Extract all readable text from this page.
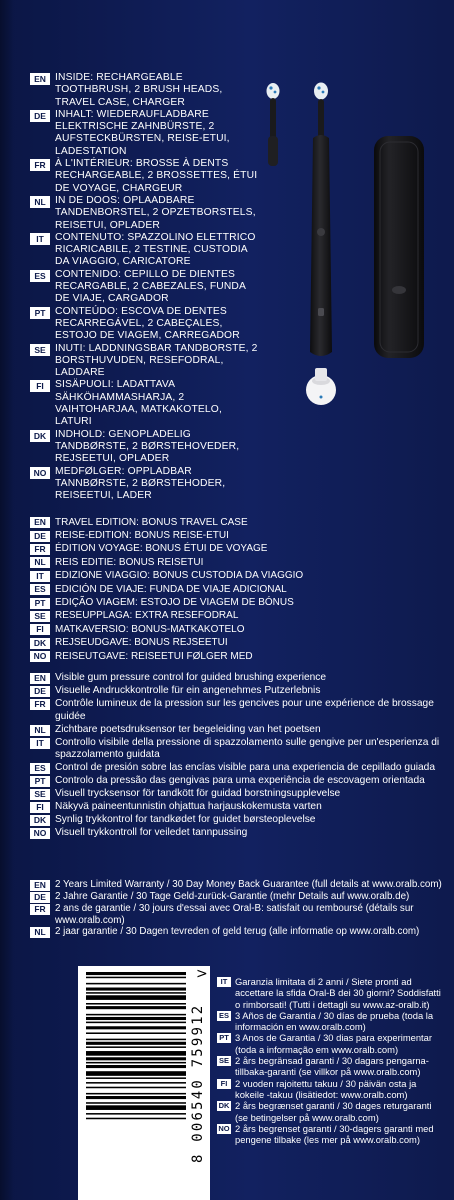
EN INSIDE: RECHARGEABLE TOOTHBRUSH, 2 BRUSH HEADS, TRAVEL CASE, CHARGER
DE INHALT: WIEDERAUFLADBARE ELEKTRISCHE ZAHNBÜRSTE, 2 AUFSTECKBÜRSTEN, REISE-ETUI, LADESTATION
FR À L'INTÉRIEUR: BROSSE À DENTS RECHARGEABLE, 2 BROSSETTES, ÉTUI DE VOYAGE, CHARGEUR
NL IN DE DOOS: OPLAADBARE TANDENBORSTEL, 2 OPZETBORSTELS, REISETUI, OPLADER
IT	CONTENUTO: SPAZZOLINO ELETTRICO RICARICABILE, 2 TESTINE, CUSTODIA DA VIAGGIO, CARICATORE
ES CONTENIDO: CEPILLO DE DIENTES RECARGABLE, 2 CABEZALES, FUNDA DE VIAJE, CARGADOR
PT CONTEÚDO: ESCOVA DE DENTES RECARREGÁVEL, 2 CABEÇALES, ESTOJO DE VIAGEM, CARREGADOR
SE INUTI: LADDNINGSBAR TANDBORSTE, 2 BORSTHUVUDEN, RESEFODRAL, LADDARE
FI	SISÄPUOLI: LADATTAVA SÄHKÖHAMMASHARJA, 2 VAIHTOHARJAA, MATKAKOTELO, LATURI
DK INDHOLD: GENOPLADELIG TANDBØRSTE, 2 BØRSTEHOVEDER, REJSEETUI, OPLADER
NO MEDFØLGER: OPPLADBAR TANNBØRSTE, 2 BØRSTEHODER, REISEETUI, LADER
EN TRAVEL EDITION: BONUS TRAVEL CASE
DE REISE-EDITION: BONUS REISE-ETUI
FR ÉDITION VOYAGE: BONUS ÉTUI DE VOYAGE
NL REIS EDITIE: BONUS REISETUI
IT	EDIZIONE VIAGGIO: BONUS CUSTODIA DA VIAGGIO
ES EDICIÓN DE VIAJE: FUNDA DE VIAJE ADICIONAL
PT EDIÇÃO VIAGEM: ESTOJO DE VIAGEM DE BÓNUS
SE RESEUPPLAGA: EXTRA RESEFODRAL
FI	MATKAVERSIO: BONUS-MATKAKOTELO
DK REJSEUDGAVE: BONUS REJSEETUI
NO REISEUTGAVE: REISEETUI FØLGER MED
EN Visible gum pressure control for guided brushing experience
DE Visuelle Andruckkontrolle für ein angenehmes Putzerlebnis
FR Contrôle lumineux de la pression sur les gencives pour une expérience de brossage guidée
NL Zichtbare poetsdruksensor ter begeleiding van het poetsen
IT	Controllo visibile della pressione di spazzolamento sulle gengive per un'esperienza di spazzolamento guidata
ES Control de presión sobre las encías visible para una experiencia de cepillado guiada
PT Controlo da pressão das gengivas para uma experiência de escovagem orientada
SE Visuell trycksensor för tandkött för guidad borstningsupplevelse
FI	Näkyvä paineentunnistin ohjattua harjauskokemusta varten
DK Synlig trykkontrol for tandkødet for guidet børsteoplevelse
NO Visuell trykkontroll for veiledet tannpussing
EN 2 Years Limited Warranty / 30 Day Money Back Guarantee (full details at www.oralb.com)
DE 2 Jahre Garantie / 30 Tage Geld-zurück-Garantie (mehr Details auf www.oralb.de)
FR 2 ans de garantie / 30 jours d'essai avec Oral-B: satisfait ou remboursé (détails sur www.oralb.com)
NL 2 jaar garantie / 30 Dagen tevreden of geld terug (alle informatie op www.oralb.com)
8 006540 759912
>	IT Garanzia limitata di 2 anni / Siete pronti ad accettare la sfida Oral-B dei 30 giorni? Soddisfatti o rimborsati! (Tutti i dettagli su www.az-oralb.it)
ES 3 Años de Garantía / 30 días de prueba (toda la información en www.oralb.com)
PT 3 Anos de Garantia / 30 dias para experimentar (toda a informação em www.oralb.com)
SE 2 års begränsad garanti / 30 dagars pengarna-tillbaka-garanti (se villkor på www.oralb.com)
FI 2 vuoden rajoitettu takuu / 30 päivän osta ja kokeile -takuu (lisätiedot: www.oralb.com)
DK 2 års begrænset garanti / 30 dages returgaranti (se betingelser på www.oralb.com)
NO 2 års begrenset garanti / 30-dagers garanti med pengene tilbake (les mer på www.oralb.com)
